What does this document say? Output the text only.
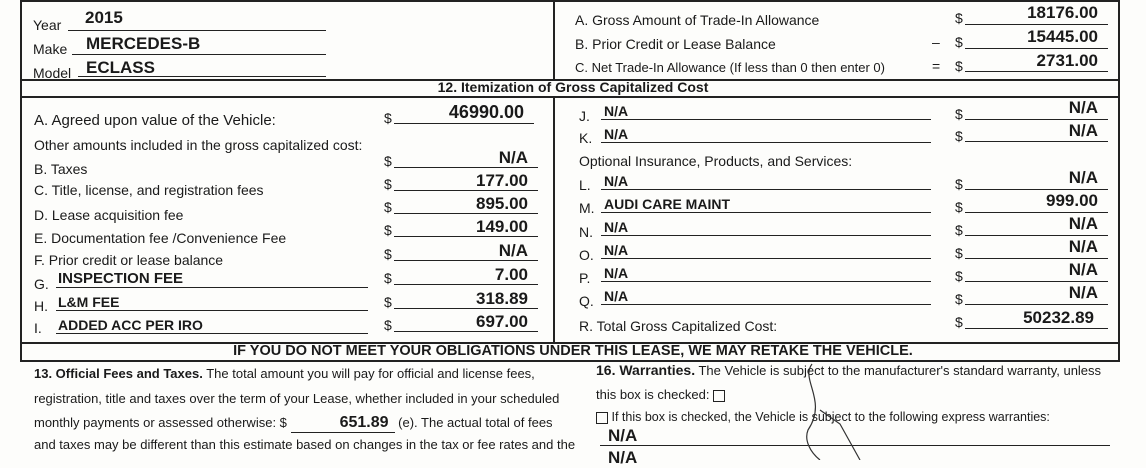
Year 2015
Make MERCEDES-B
Model ECLASS
A. Gross Amount of Trade-In Allowance	$	18176.00
B. Prior Credit or Lease Balance	– $	15445.00
C. Net Trade-In Allowance (If less than 0 then enter 0)	= $	2731.00
12. Itemization of Gross Capitalized Cost
A. Agreed upon value of the Vehicle:	$	46990.00
Other amounts included in the gross capitalized cost:
B. Taxes	$	N/A
C. Title, license, and registration fees	$	177.00
D. Lease acquisition fee	$	895.00
E. Documentation fee /Convenience Fee	$	149.00
F. Prior credit or lease balance	$	N/A
G. INSPECTION FEE	$	7.00
H. L&M FEE	$	318.89
I. ADDED ACC PER IRO	$	697.00
J. N/A	$	N/A
K. N/A	$	N/A
Optional Insurance, Products, and Services:
L. N/A	$	N/A
M. AUDI CARE MAINT	$	999.00
N. N/A	$	N/A
O. N/A	$	N/A
P. N/A	$	N/A
Q. N/A	$	N/A
R. Total Gross Capitalized Cost:	$	50232.89
IF YOU DO NOT MEET YOUR OBLIGATIONS UNDER THIS LEASE, WE MAY RETAKE THE VEHICLE.
13. Official Fees and Taxes. The total amount you will pay for official and license fees,
registration, title and taxes over the term of your Lease, whether included in your scheduled
monthly payments or assessed otherwise: $	651.89 (e). The actual total of fees
and taxes may be different than this estimate based on changes in the tax or fee rates and the
16. Warranties. The Vehicle is subject to the manufacturer's standard warranty, unless
this box is checked:
If this box is checked, the Vehicle is subject to the following express warranties:
N/A
N/A
